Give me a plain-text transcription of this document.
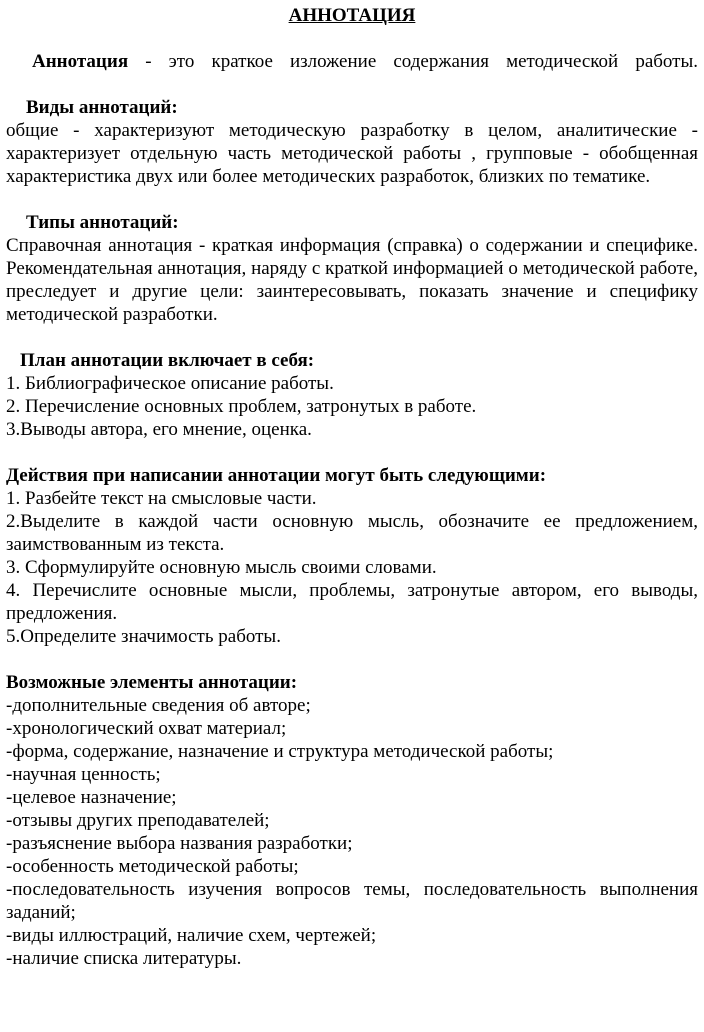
АННОТАЦИЯ
Аннотация - это краткое изложение содержания методической работы.

Виды аннотаций:

общие - характеризуют методическую разработку в целом, аналитические - характеризует отдельную часть методической работы , групповые - обобщенная характеристика двух или более методических разработок, близких по тематике.

Типы аннотаций:

Справочная аннотация - краткая информация (справка) о содержании и специфике. Рекомендательная аннотация, наряду с краткой информацией о методической работе, преследует и другие цели: заинтересовывать, показать значение и специфику методической разработки.

План аннотации включает в себя:

1. Библиографическое описание работы.

2. Перечисление основных проблем, затронутых в работе.

3.Выводы автора, его мнение, оценка.

Действия при написании аннотации могут быть следующими:

1. Разбейте текст на смысловые части.

2.Выделите в каждой части основную мысль, обозначите ее предложением, заимствованным из текста.

3. Сформулируйте основную мысль своими словами.

4. Перечислите основные мысли, проблемы, затронутые автором, его выводы, предложения.

5.Определите значимость работы.

Возможные элементы аннотации:

-дополнительные сведения об авторе;

-хронологический охват материал;

-форма, содержание, назначение и структура методической работы;

-научная ценность;

-целевое назначение;

-отзывы других преподавателей;

-разъяснение выбора названия разработки;

-особенность методической работы;

-последовательность изучения вопросов темы, последовательность выполнения заданий;

-виды иллюстраций, наличие схем, чертежей;

-наличие списка литературы.
